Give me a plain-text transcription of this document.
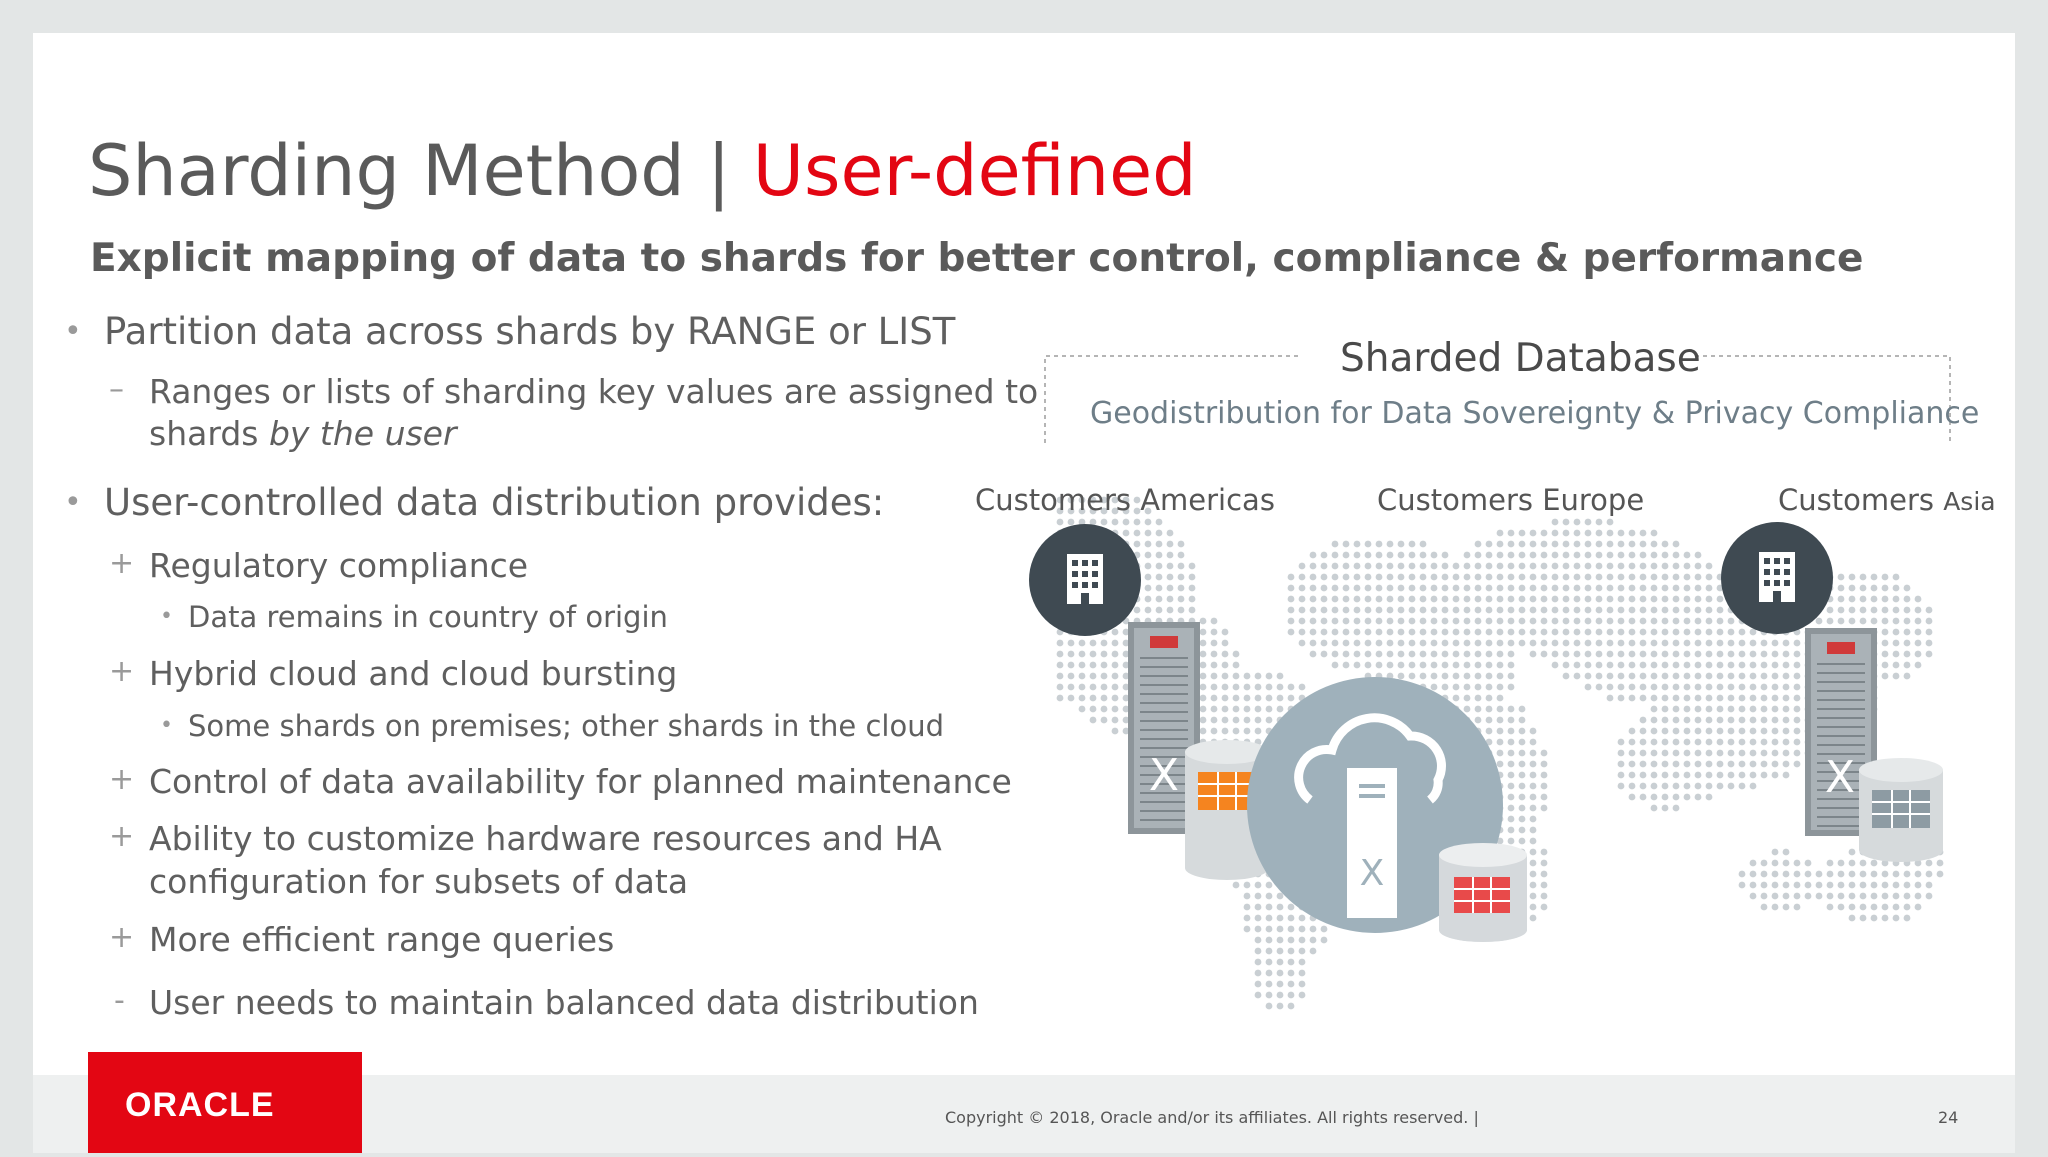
Sharding Method | User-defined
Explicit mapping of data to shards for better control, compliance & performance
• Partition data across shards by RANGE or LIST
– Ranges or lists of sharding key values are assigned to
shards by the user
• User-controlled data distribution provides:
+ Regulatory compliance
• Data remains in country of origin
+ Hybrid cloud and cloud bursting
• Some shards on premises; other shards in the cloud
+ Control of data availability for planned maintenance
+ Ability to customize hardware resources and HA
configuration for subsets of data
+ More efficient range queries
- User needs to maintain balanced data distribution
X
X
X
Sharded Database
Geodistribution for Data Sovereignty & Privacy Compliance
Customers Americas	Customers Europe	Customers Asia
ORACLE	Copyright © 2018, Oracle and/or its affiliates. All rights reserved. |	24
